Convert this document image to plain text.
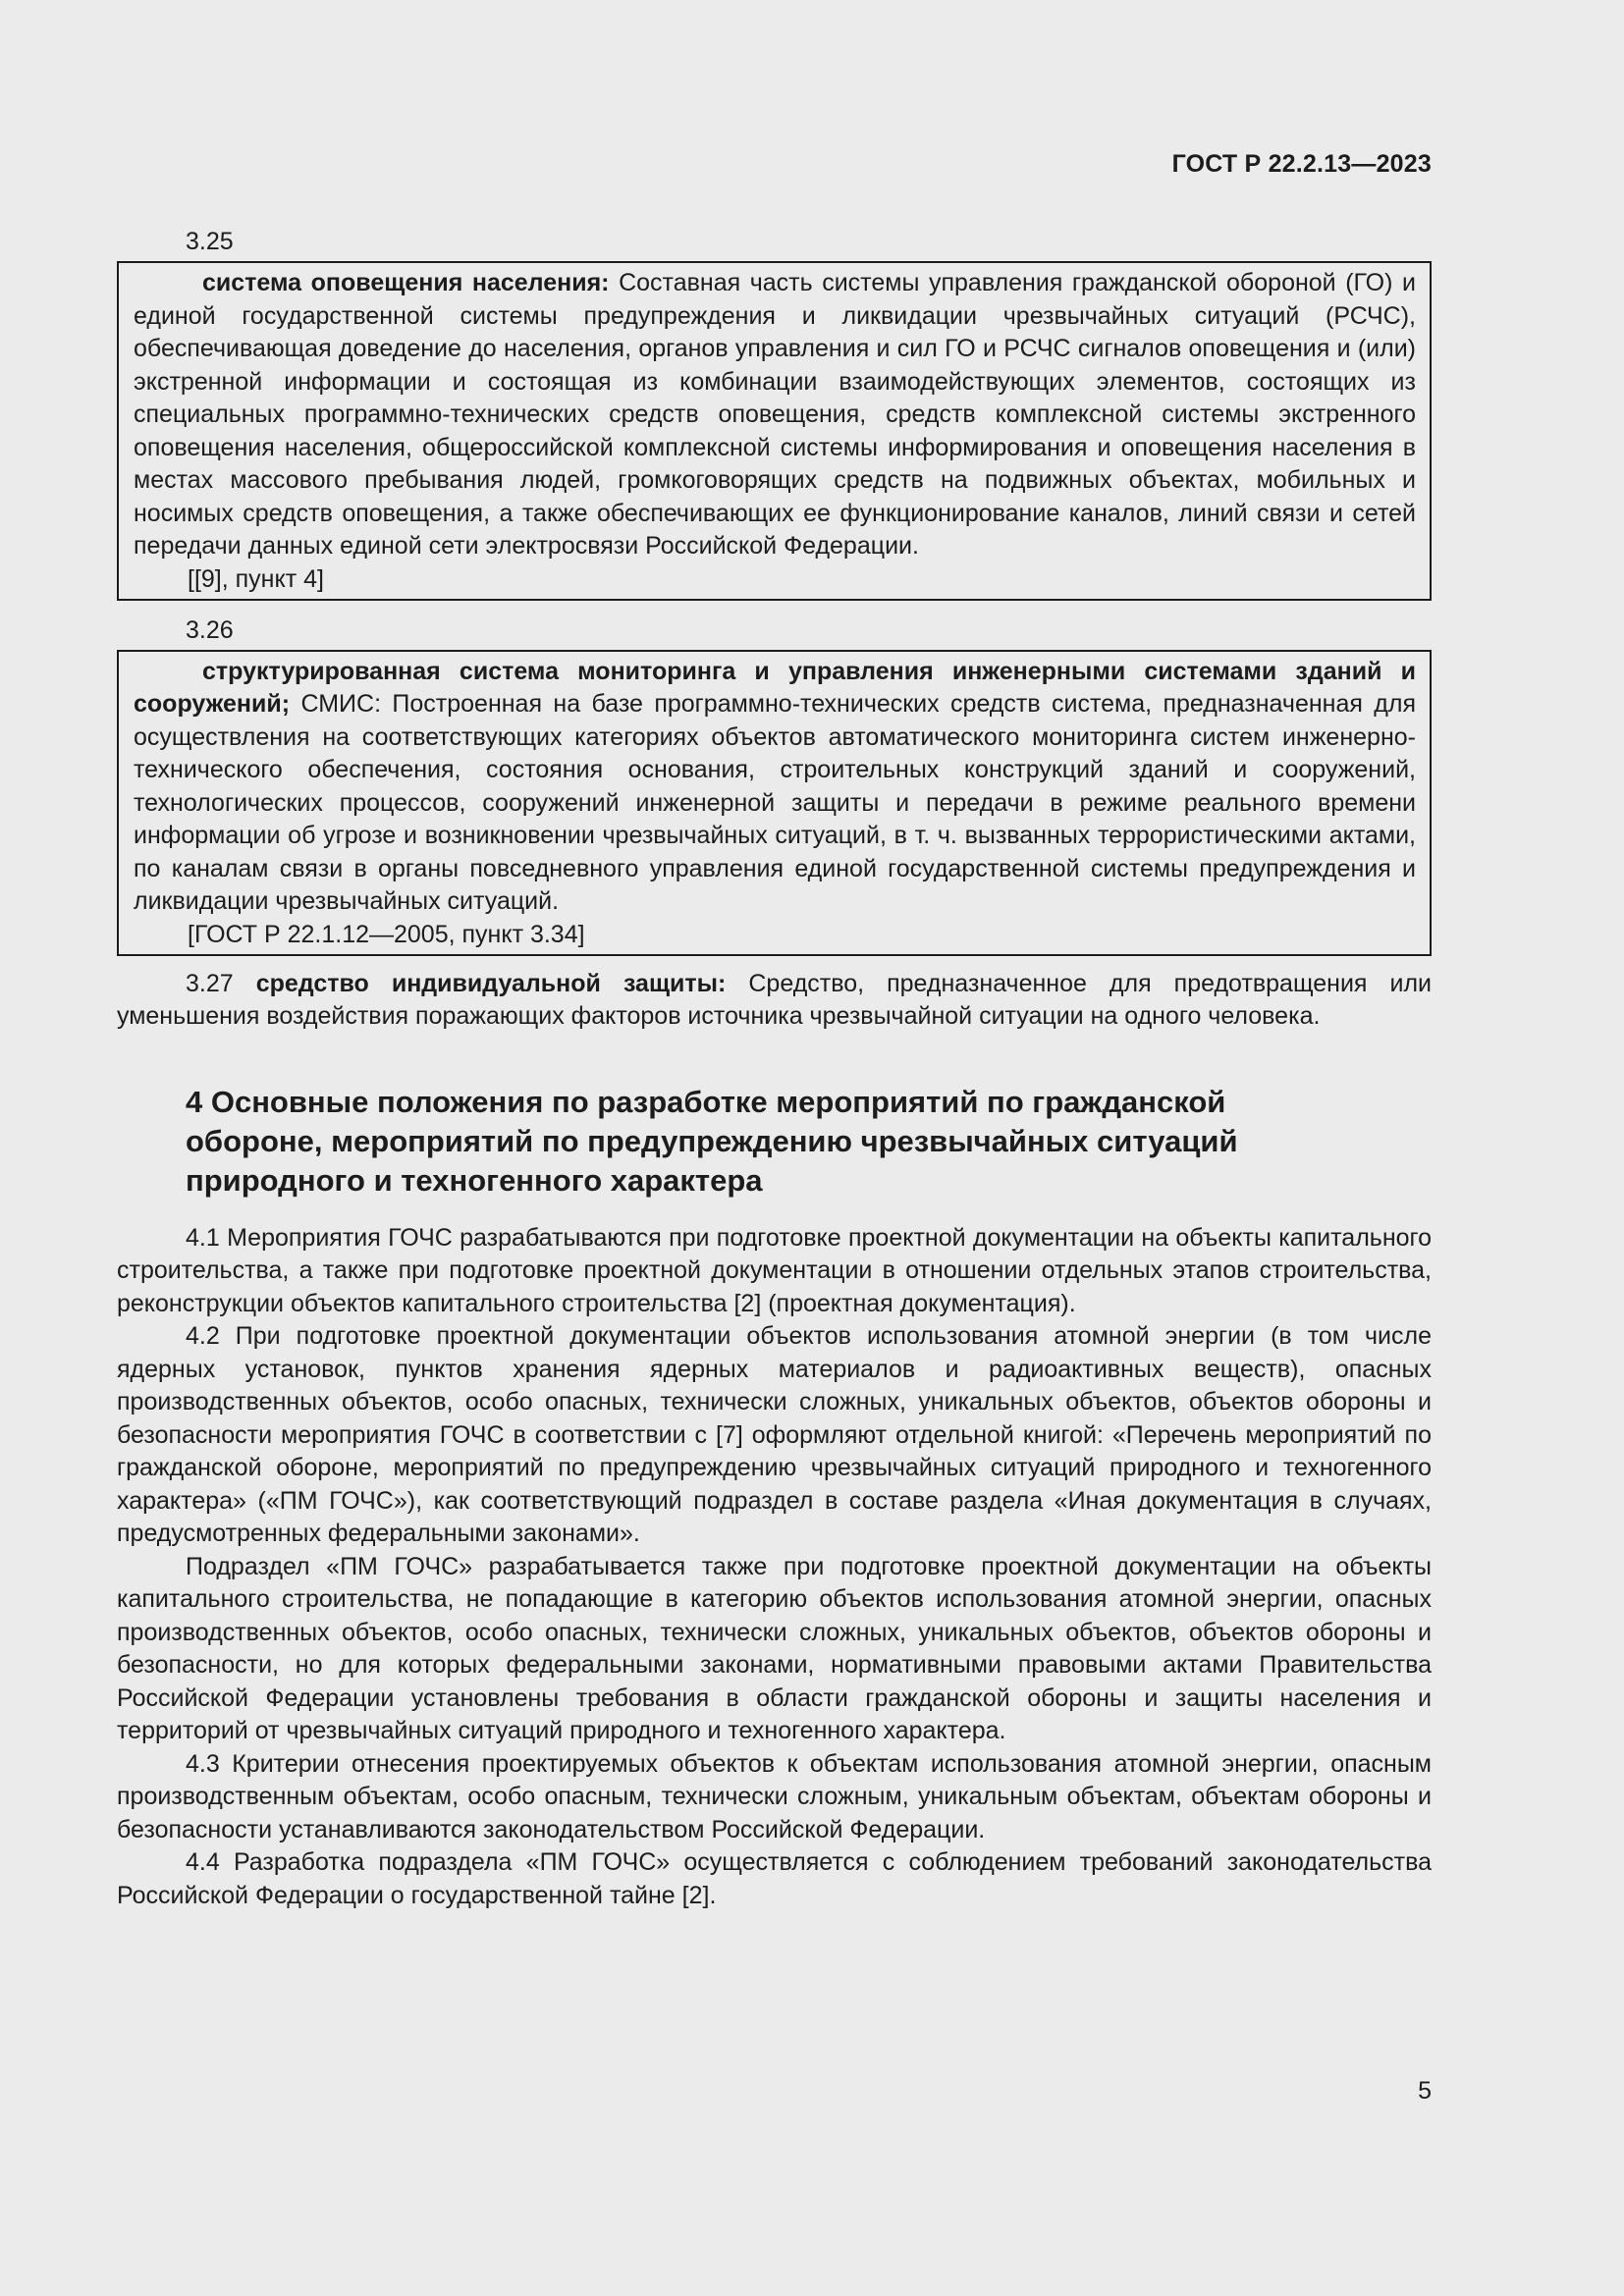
ГОСТ Р 22.2.13—2023
3.25

система оповещения населения: Составная часть системы управления гражданской обороной (ГО) и единой государственной системы предупреждения и ликвидации чрезвычайных ситуаций (РСЧС), обеспечивающая доведение до населения, органов управления и сил ГО и РСЧС сигналов оповещения и (или) экстренной информации и состоящая из комбинации взаимодействующих элементов, состоящих из специальных программно-технических средств оповещения, средств комплексной системы экстренного оповещения населения, общероссийской комплексной системы информирования и оповещения населения в местах массового пребывания людей, громкоговорящих средств на подвижных объектах, мобильных и носимых средств оповещения, а также обеспечивающих ее функционирование каналов, линий связи и сетей передачи данных единой сети электросвязи Российской Федерации.

[[9], пункт 4]
3.26

структурированная система мониторинга и управления инженерными системами зданий и сооружений; СМИС: Построенная на базе программно-технических средств система, предназначенная для осуществления на соответствующих категориях объектов автоматического мониторинга систем инженерно-технического обеспечения, состояния основания, строительных конструкций зданий и сооружений, технологических процессов, сооружений инженерной защиты и передачи в режиме реального времени информации об угрозе и возникновении чрезвычайных ситуаций, в т. ч. вызванных террористическими актами, по каналам связи в органы повседневного управления единой государственной системы предупреждения и ликвидации чрезвычайных ситуаций.

[ГОСТ Р 22.1.12—2005, пункт 3.34]

3.27 средство индивидуальной защиты: Средство, предназначенное для предотвращения или уменьшения воздействия поражающих факторов источника чрезвычайной ситуации на одного человека.

4 Основные положения по разработке мероприятий по гражданской обороне, мероприятий по предупреждению чрезвычайных ситуаций природного и техногенного характера

4.1 Мероприятия ГОЧС разрабатываются при подготовке проектной документации на объекты капитального строительства, а также при подготовке проектной документации в отношении отдельных этапов строительства, реконструкции объектов капитального строительства [2] (проектная документация).

4.2 При подготовке проектной документации объектов использования атомной энергии (в том числе ядерных установок, пунктов хранения ядерных материалов и радиоактивных веществ), опасных производственных объектов, особо опасных, технически сложных, уникальных объектов, объектов обороны и безопасности мероприятия ГОЧС в соответствии с [7] оформляют отдельной книгой: «Перечень мероприятий по гражданской обороне, мероприятий по предупреждению чрезвычайных ситуаций природного и техногенного характера» («ПМ ГОЧС»), как соответствующий подраздел в составе раздела «Иная документация в случаях, предусмотренных федеральными законами».

Подраздел «ПМ ГОЧС» разрабатывается также при подготовке проектной документации на объекты капитального строительства, не попадающие в категорию объектов использования атомной энергии, опасных производственных объектов, особо опасных, технически сложных, уникальных объектов, объектов обороны и безопасности, но для которых федеральными законами, нормативными правовыми актами Правительства Российской Федерации установлены требования в области гражданской обороны и защиты населения и территорий от чрезвычайных ситуаций природного и техногенного характера.

4.3 Критерии отнесения проектируемых объектов к объектам использования атомной энергии, опасным производственным объектам, особо опасным, технически сложным, уникальным объектам, объектам обороны и безопасности устанавливаются законодательством Российской Федерации.

4.4 Разработка подраздела «ПМ ГОЧС» осуществляется с соблюдением требований законодательства Российской Федерации о государственной тайне [2].

5
